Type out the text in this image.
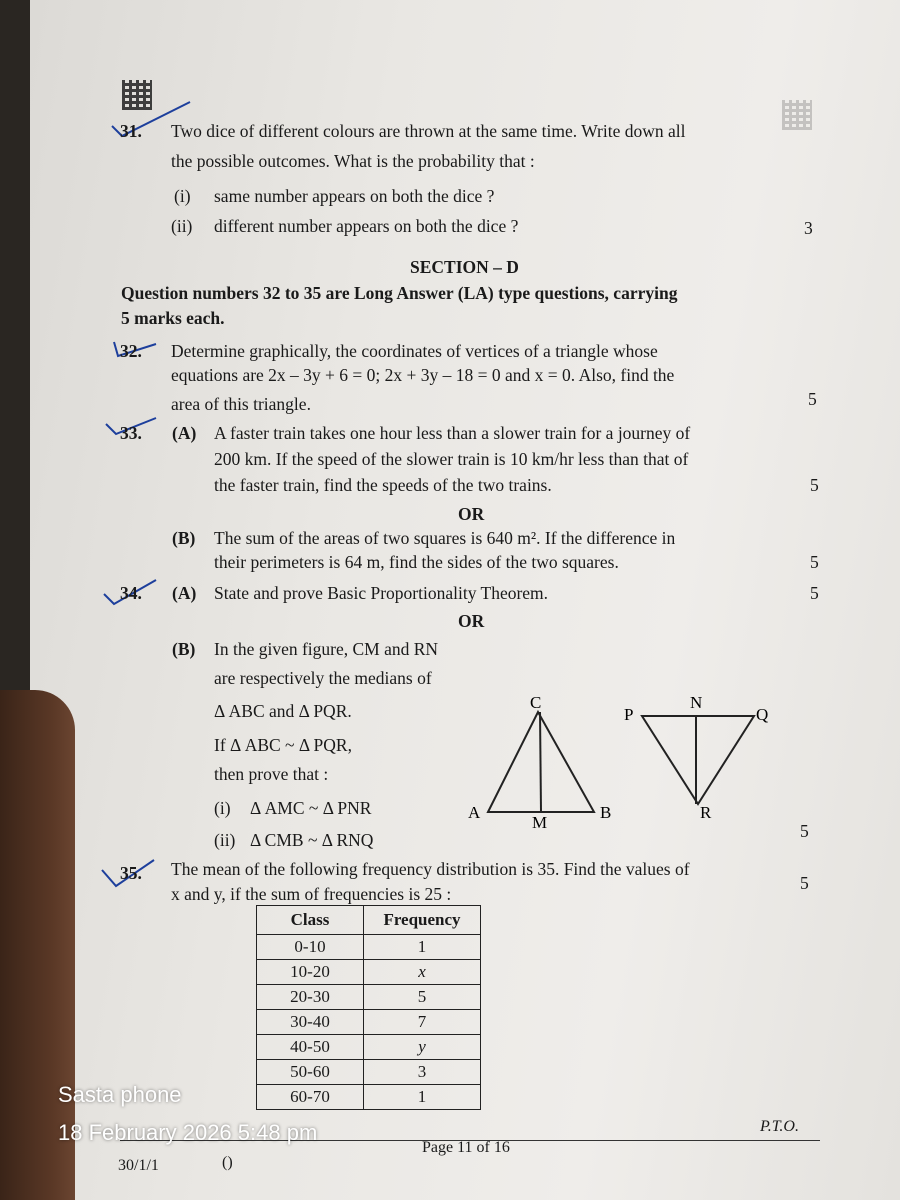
31. Two dice of different colours are thrown at the same time. Write down all
the possible outcomes. What is the probability that :
(i) same number appears on both the dice ?
(ii) different number appears on both the dice ?	3
SECTION – D
Question numbers 32 to 35 are Long Answer (LA) type questions, carrying
5 marks each.
32. Determine graphically, the coordinates of vertices of a triangle whose
equations are 2x – 3y + 6 = 0; 2x + 3y – 18 = 0 and x = 0. Also, find the
area of this triangle.	5
33. (A) A faster train takes one hour less than a slower train for a journey of
200 km. If the speed of the slower train is 10 km/hr less than that of
the faster train, find the speeds of the two trains.	5
OR
(B) The sum of the areas of two squares is 640 m². If the difference in
their perimeters is 64 m, find the sides of the two squares.	5
34. (A) State and prove Basic Proportionality Theorem.	5
OR
(B) In the given figure, CM and RN
are respectively the medians of
Δ ABC and Δ PQR.
If Δ ABC ~ Δ PQR,
then prove that :
(i) Δ AMC ~ Δ PNR
(ii) Δ CMB ~ Δ RNQ	5
A	B
C
M
P	Q
R
N
35. The mean of the following frequency distribution is 35. Find the values of
x and y, if the sum of frequencies is 25 :
5
Class	Frequency
0-10	1
10-20	x
20-30	5
30-40	7
40-50	y
50-60	3
60-70	1
P.T.O.
Page 11 of 16
30/1/1	()
Sasta phone
18 February 2026 5:48 pm
